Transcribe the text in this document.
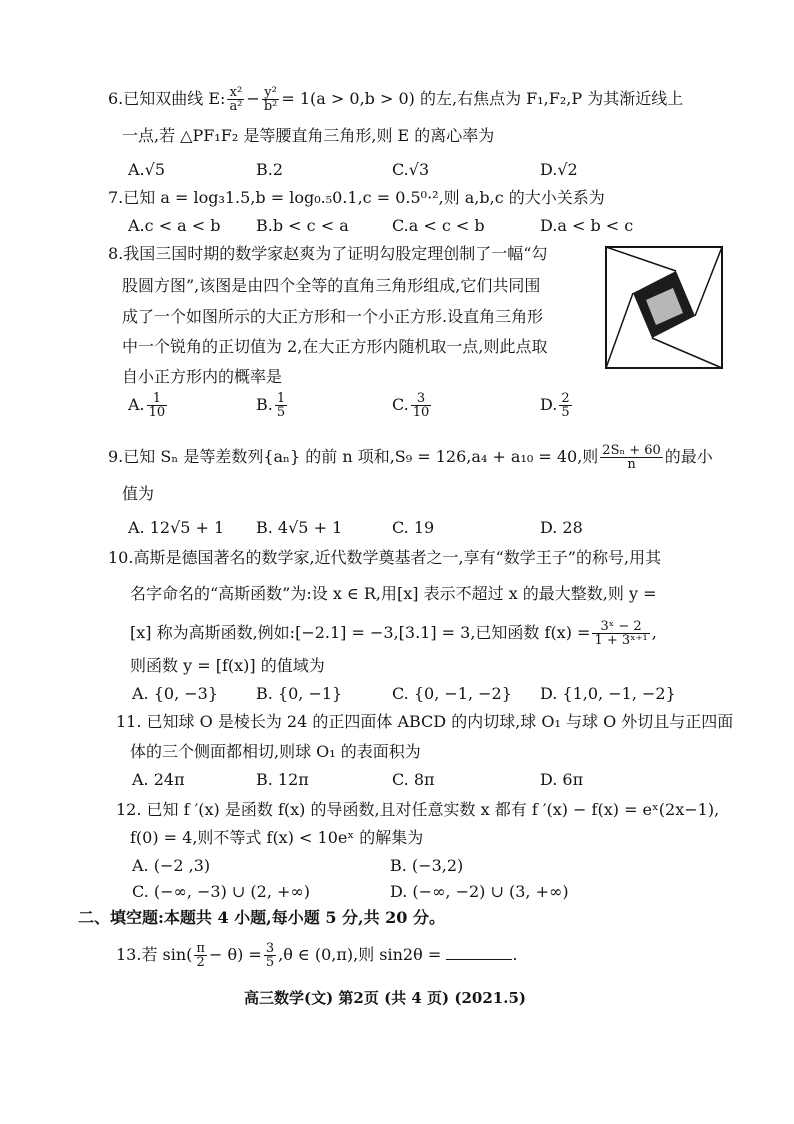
6.已知双曲线 E: $\frac{\text{x²}}{\text{a²}} - \frac{\text{y²}}{\text{b²}} = 1(a > 0,b > 0)$ 的左,右焦点为 F₁,F₂,P 为其渐近线上
一点,若 △PF₁F₂ 是等腰直角三角形,则 E 的离心率为
A.√5	B.2	C.√3	D.√2
7.已知 a = log₃1.5,b = log₀.₅0.1,c = 0.5⁰·²,则 a,b,c 的大小关系为
A.c < a < b B.b < c < a	C.a < c < b	D.a < b < c
8.我国三国时期的数学家赵爽为了证明勾股定理创制了一幅“勾
股圆方图”,该图是由四个全等的直角三角形组成,它们共同围
成了一个如图所示的大正方形和一个小正方形.设直角三角形
中一个锐角的正切值为 2,在大正方形内随机取一点,则此点取
自小正方形内的概率是
A. $\frac{1}{10}$	B. $\frac{1}{5}$	C. $\frac{3}{10}$	D. $\frac{2}{5}$
9.已知 Sₙ 是等差数列{aₙ} 的前 n 项和,S₉ = 126,a₄ + a₁₀ = 40,则 $\frac{\text{2Sₙ + 60}}{n}$ 的最小
值为
A. 12√5 + 1 B. 4√5 + 1	C. 19	D. 28
10.高斯是德国著名的数学家,近代数学奠基者之一,享有“数学王子”的称号,用其
名字命名的“高斯函数”为:设 x ∈ R,用[x] 表示不超过 x 的最大整数,则 y =
[x] 称为高斯函数,例如:[−2.1] = −3,[3.1] = 3,已知函数 $f(x) = \frac{\text{3ˣ − 2}}{\text{1 + 3ˣ⁺¹}}$ ,
则函数 y = [f(x)] 的值域为
A. {0, −3} B. {0, −1}	C. {0, −1, −2} D. {1,0, −1, −2}
11. 已知球 O 是棱长为 24 的正四面体 ABCD 的内切球,球 O₁ 与球 O 外切且与正四面
体的三个侧面都相切,则球 O₁ 的表面积为
A. 24π	B. 12π	C. 8π	D. 6π
12. 已知 f ′(x) 是函数 f(x) 的导函数,且对任意实数 x 都有 f ′(x) − f(x) = eˣ(2x−1),
f(0) = 4,则不等式 f(x) < 10eˣ 的解集为
A. (−2 ,3)	B. (−3,2)
C. (−∞, −3) ∪ (2, +∞)	D. (−∞, −2) ∪ (3, +∞)
二、填空题:本题共 4 小题,每小题 5 分,共 20 分。
13.若 $\sin( \frac{\pi}{2} - \theta) = \frac{3}{5} ,\theta$ ∈ (0,π),则 sin2θ =	.
高三数学(文) 第2页 (共 4 页) (2021.5)
